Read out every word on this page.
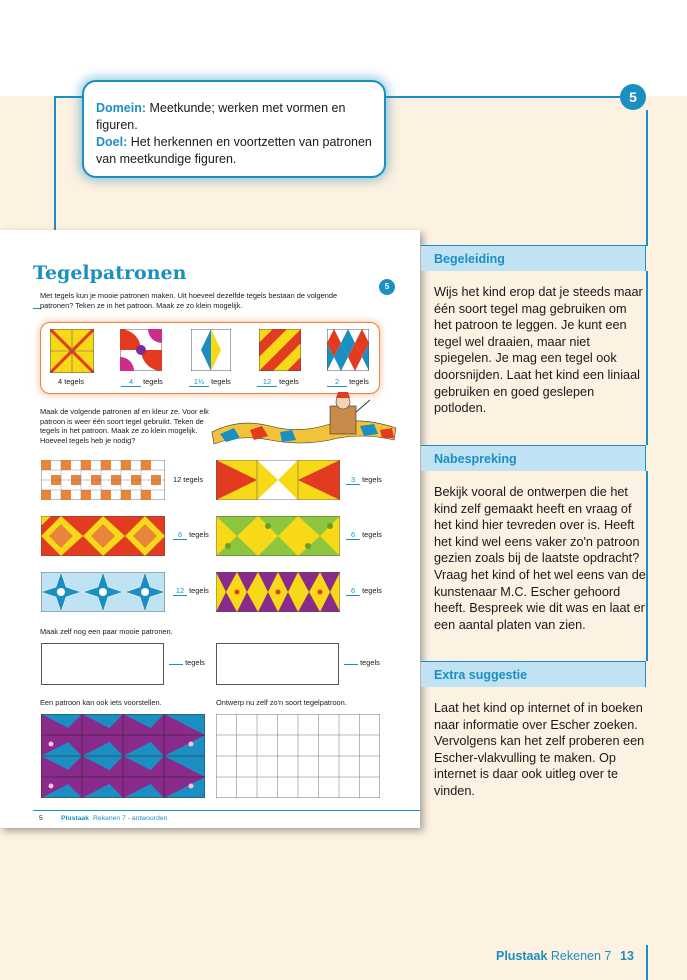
Domein: Meetkunde; werken met vormen en figuren.
Doel: Het herkennen en voortzetten van patronen van meetkundige figuren.
5
Tegelpatronen
5
Met tegels kun je mooie patronen maken. Uit hoeveel dezelfde tegels bestaan de volgende patronen? Teken ze in het patroon. Maak ze zo klein mogelijk.
4 tegels	4 tegels	1½ tegels	12 tegels	2 tegels
Maak de volgende patronen af en kleur ze. Voor elk patroon is weer één soort tegel gebruikt. Teken de tegels in het patroon. Maak ze zo klein mogelijk. Hoeveel tegels heb je nodig?
12 tegels	3 tegels
6 tegels	6 tegels
12 tegels	6 tegels
Maak zelf nog een paar mooie patronen.
tegels	tegels
Een patroon kan ook iets voorstellen.	Ontwerp nu zelf zo'n soort tegelpatroon.
5	Plustaak Rekenen 7 - antwoorden
Begeleiding
Wijs het kind erop dat je steeds maar één soort tegel mag gebruiken om het patroon te leggen. Je kunt een tegel wel draaien, maar niet spiegelen. Je mag een tegel ook doorsnijden. Laat het kind een liniaal gebruiken en goed geslepen potloden.
Nabespreking
Bekijk vooral de ontwerpen die het kind zelf gemaakt heeft en vraag of het kind hier tevreden over is. Heeft het kind wel eens vaker zo'n patroon gezien zoals bij de laatste opdracht? Vraag het kind of het wel eens van de kunstenaar M.C. Escher gehoord heeft. Bespreek wie dit was en laat er een aantal platen van zien.
Extra suggestie
Laat het kind op internet of in boeken naar informatie over Escher zoeken. Vervolgens kan het zelf proberen een Escher-vlakvulling te maken. Op internet is daar ook uitleg over te vinden.
Plustaak Rekenen 7 13
